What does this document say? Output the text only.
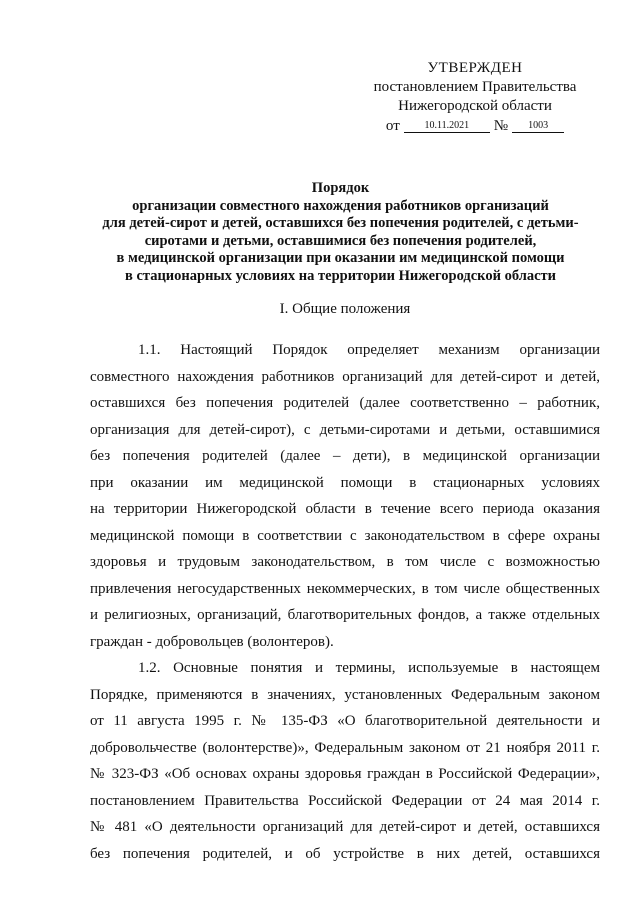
УТВЕРЖДЕН
постановлением Правительства
Нижегородской области
от	10.11.2021	№	1003
Порядок
организации совместного нахождения работников организаций
для детей-сирот и детей, оставшихся без попечения родителей, с детьми-
сиротами и детьми, оставшимися без попечения родителей,
в медицинской организации при оказании им медицинской помощи
в стационарных условиях на территории Нижегородской области
I. Общие положения
1.1. Настоящий Порядок определяет механизм организации
совместного нахождения работников организаций для детей-сирот и детей,
оставшихся без попечения родителей (далее соответственно – работник,
организация для детей-сирот), с детьми-сиротами и детьми, оставшимися
без попечения родителей (далее – дети), в медицинской организации
при оказании им медицинской помощи в стационарных условиях
на территории Нижегородской области в течение всего периода оказания
медицинской помощи в соответствии с законодательством в сфере охраны
здоровья и трудовым законодательством, в том числе с возможностью
привлечения негосударственных некоммерческих, в том числе общественных
и религиозных, организаций, благотворительных фондов, а также отдельных
граждан - добровольцев (волонтеров).
1.2. Основные понятия и термины, используемые в настоящем
Порядке, применяются в значениях, установленных Федеральным законом
от 11 августа 1995 г. № 135-ФЗ «О благотворительной деятельности и
добровольчестве (волонтерстве)», Федеральным законом от 21 ноября 2011 г.
№ 323-ФЗ «Об основах охраны здоровья граждан в Российской Федерации»,
постановлением Правительства Российской Федерации от 24 мая 2014 г.
№ 481 «О деятельности организаций для детей-сирот и детей, оставшихся
без попечения родителей, и об устройстве в них детей, оставшихся
